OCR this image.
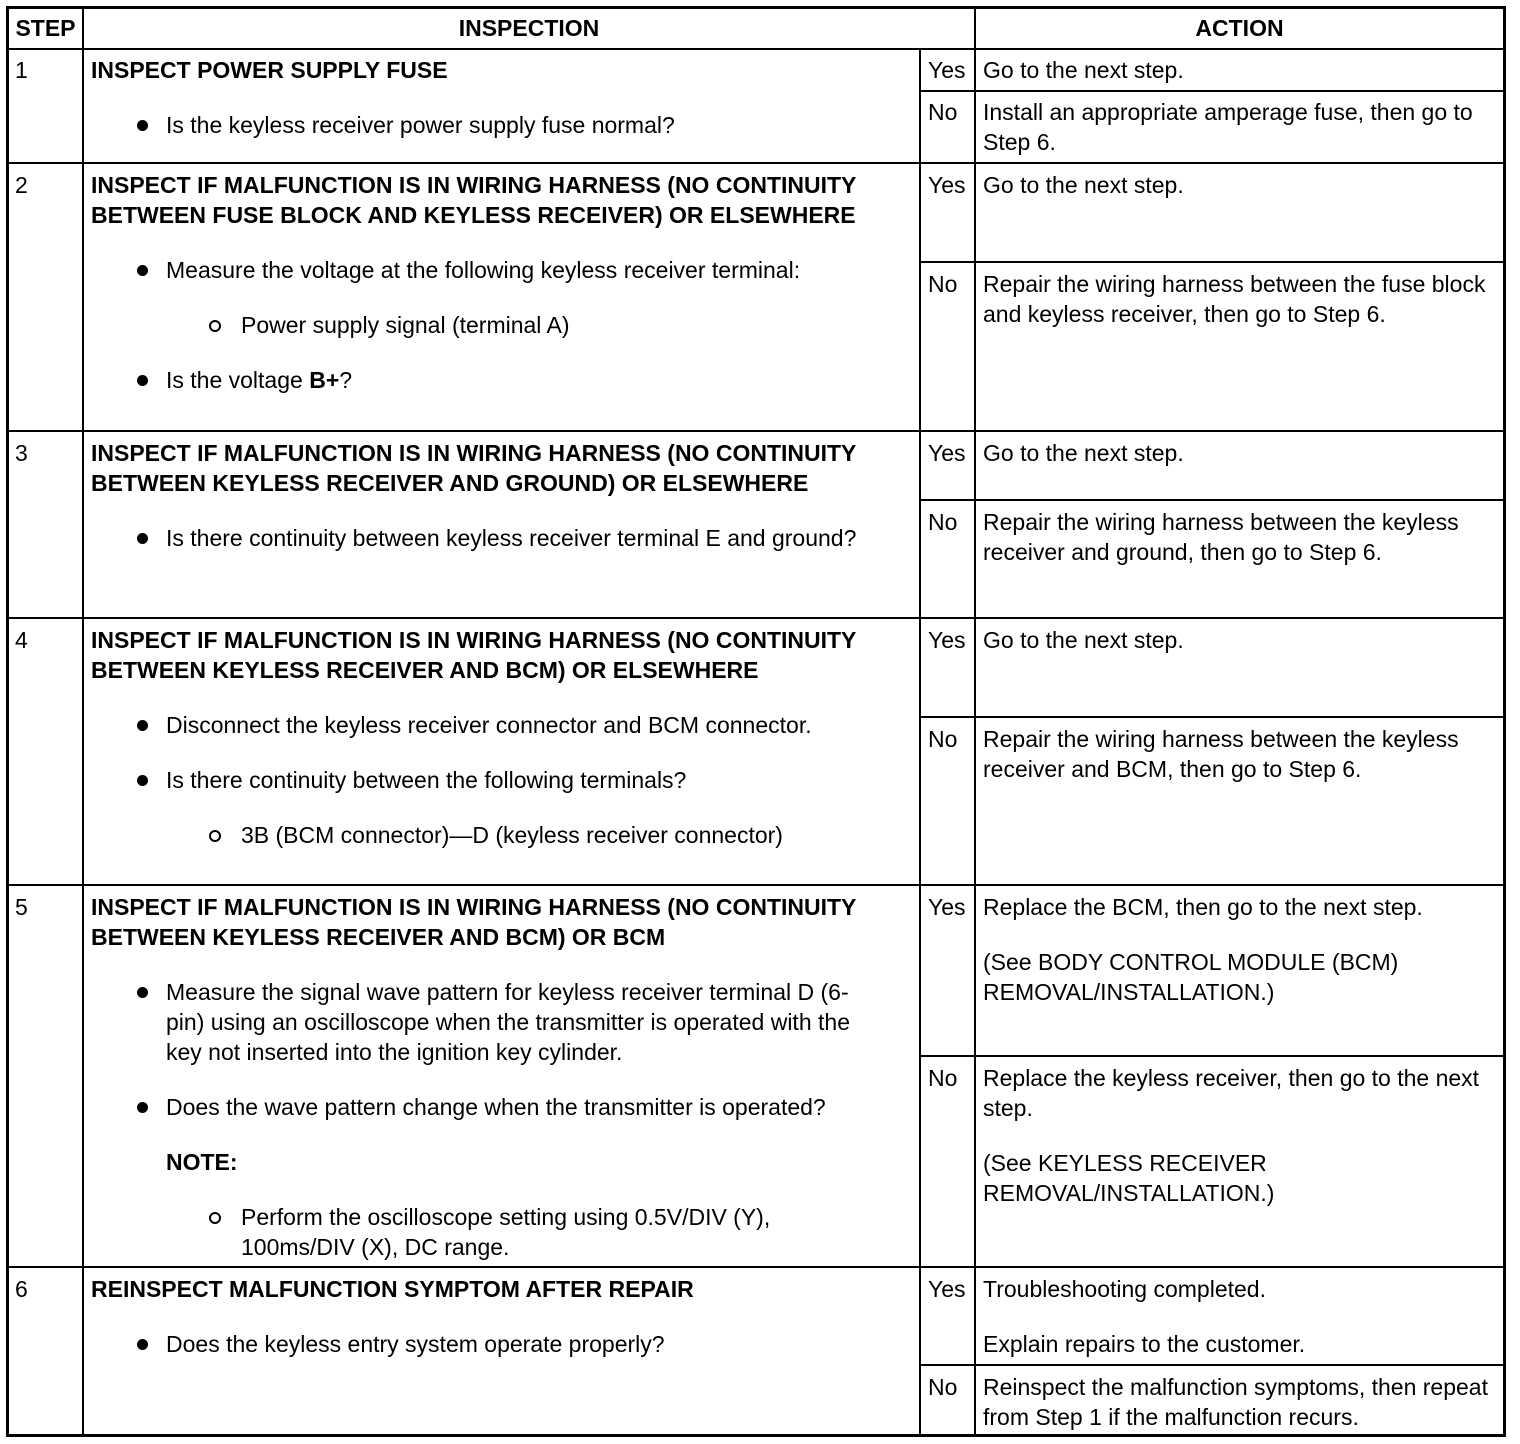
STEP	INSPECTION	ACTION
1	INSPECT POWER SUPPLY FUSE
Is the keyless receiver power supply fuse normal?
Yes Go to the next step.

No	Install an appropriate amperage fuse, then go to Step 6.

2	INSPECT IF MALFUNCTION IS IN WIRING HARNESS (NO CONTINUITY BETWEEN FUSE BLOCK AND KEYLESS RECEIVER) OR ELSEWHERE
Measure the voltage at the following keyless receiver terminal:
Power supply signal (terminal A)
Is the voltage B+?
Yes Go to the next step.

No	Repair the wiring harness between the fuse block and keyless receiver, then go to Step 6.

3	INSPECT IF MALFUNCTION IS IN WIRING HARNESS (NO CONTINUITY BETWEEN KEYLESS RECEIVER AND GROUND) OR ELSEWHERE
Is there continuity between keyless receiver terminal E and ground?
Yes Go to the next step.

No	Repair the wiring harness between the keyless receiver and ground, then go to Step 6.

4	INSPECT IF MALFUNCTION IS IN WIRING HARNESS (NO CONTINUITY BETWEEN KEYLESS RECEIVER AND BCM) OR ELSEWHERE
Disconnect the keyless receiver connector and BCM connector.
Is there continuity between the following terminals?
3B (BCM connector)—D (keyless receiver connector)
Yes Go to the next step.

No	Repair the wiring harness between the keyless receiver and BCM, then go to Step 6.

5	INSPECT IF MALFUNCTION IS IN WIRING HARNESS (NO CONTINUITY BETWEEN KEYLESS RECEIVER AND BCM) OR BCM
Measure the signal wave pattern for keyless receiver terminal D (6-pin) using an oscilloscope when the transmitter is operated with the key not inserted into the ignition key cylinder.
Does the wave pattern change when the transmitter is operated?
NOTE:
Perform the oscilloscope setting using 0.5V/DIV (Y), 100ms/DIV (X), DC range.
Yes Replace the BCM, then go to the next step.

(See BODY CONTROL MODULE (BCM) REMOVAL/INSTALLATION.)

No	Replace the keyless receiver, then go to the next step.

(See KEYLESS RECEIVER REMOVAL/INSTALLATION.)

6	REINSPECT MALFUNCTION SYMPTOM AFTER REPAIR
Does the keyless entry system operate properly?
Yes Troubleshooting completed.

Explain repairs to the customer.

No	Reinspect the malfunction symptoms, then repeat from Step 1 if the malfunction recurs.
